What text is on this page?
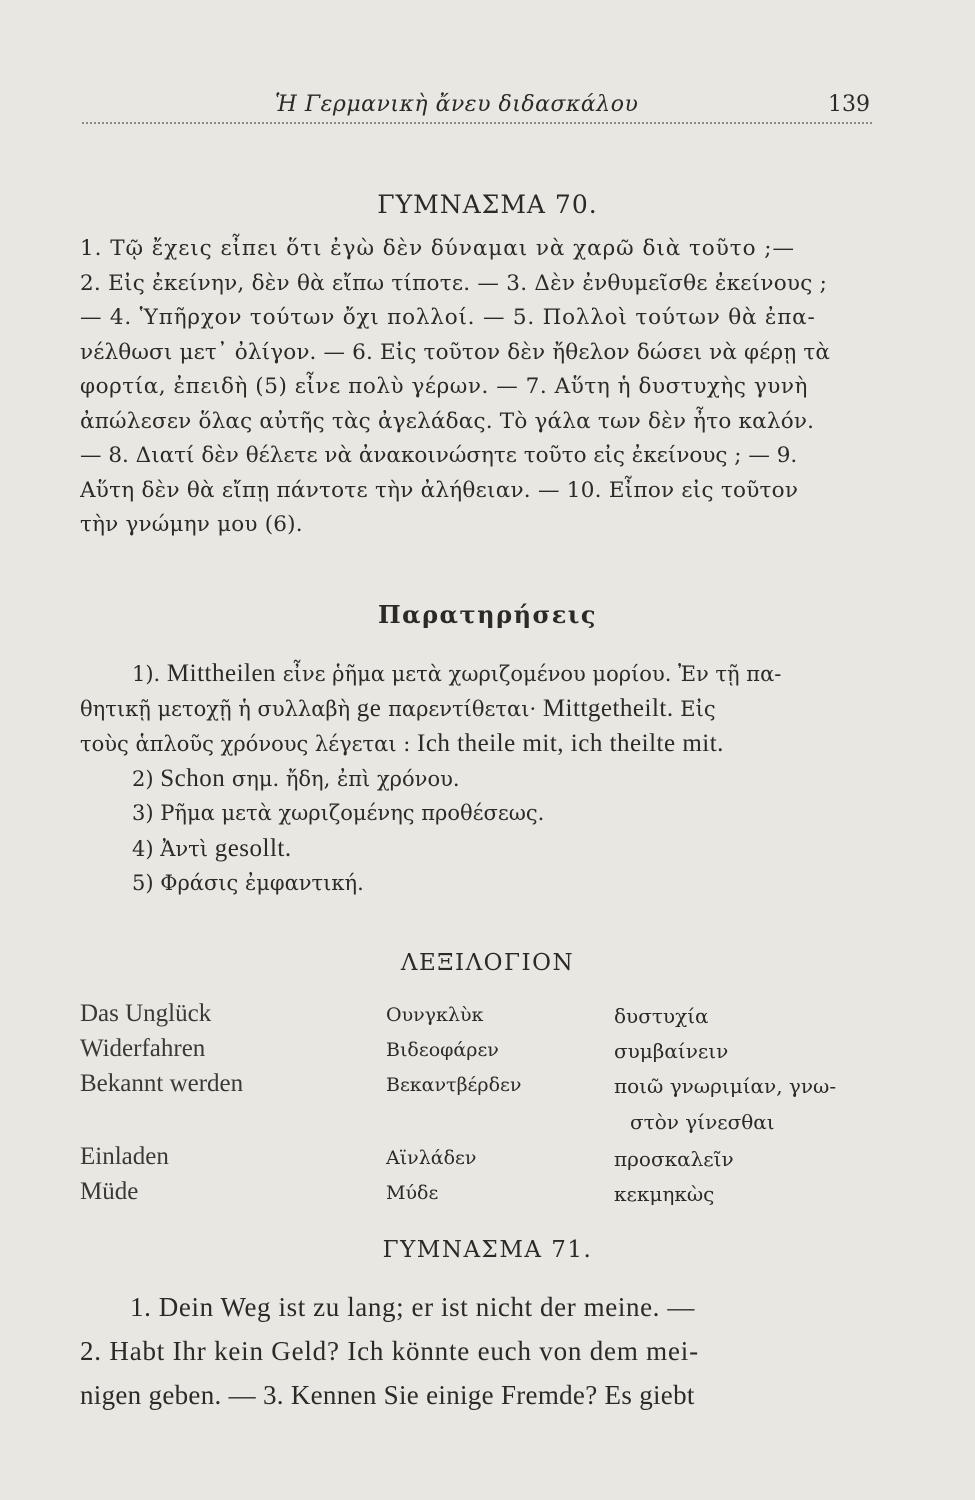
Ἡ Γερμανικὴ ἄνευ διδασκάλου	139
ΓΥΜΝΑΣΜΑ 70.
1. Τῷ ἔχεις εἶπει ὅτι ἐγὼ δὲν δύναμαι νὰ χαρῶ διὰ τοῦτο ;—
2. Εἰς ἐκείνην, δὲν θὰ εἴπω τίποτε. — 3. Δὲν ἐνθυμεῖσθε ἐκείνους ;
— 4. Ὑπῆρχον τούτων ὄχι πολλοί. — 5. Πολλοὶ τούτων θὰ ἐπα-
νέλθωσι μετ᾽ ὀλίγον. — 6. Εἰς τοῦτον δὲν ἤθελον δώσει νὰ φέρῃ τὰ
φορτία, ἐπειδὴ (5) εἶνε πολὺ γέρων. — 7. Αὕτη ἡ δυστυχὴς γυνὴ
ἀπώλεσεν ὅλας αὐτῆς τὰς ἀγελάδας. Τὸ γάλα των δὲν ἦτο καλόν.
— 8. Διατί δὲν θέλετε νὰ ἀνακοινώσητε τοῦτο εἰς ἐκείνους ; — 9.
Αὕτη δὲν θὰ εἴπῃ πάντοτε τὴν ἀλήθειαν. — 10. Εἶπον εἰς τοῦτον
τὴν γνώμην μου (6).
Παρατηρήσεις
1). Mittheilen εἶνε ῥῆμα μετὰ χωριζομένου μορίου. Ἐν τῇ πα-
θητικῇ μετοχῇ ἡ συλλαβὴ ge παρεντίθεται· Mittgetheilt. Εἰς
τοὺς ἁπλοῦς χρόνους λέγεται : Ich theile mit, ich theilte mit.
2) Schon σημ. ἤδη, ἐπὶ χρόνου.
3) Ρῆμα μετὰ χωριζομένης προθέσεως.
4) Ἀντὶ gesollt.
5) Φράσις ἐμφαντική.
ΛΕΞΙΛΟΓΙΟΝ
Das Unglück	Ουνγκλὺκ	δυστυχία
Widerfahren	Βιδεοφάρεν	συμβαίνειν
Bekannt werden	Βεκαντβέρδεν	ποιῶ γνωριμίαν, γνω-
στὸν γίνεσθαι
Einladen	Αϊνλάδεν	προσκαλεῖν
Müde	Μύδε	κεκμηκὼς
ΓΥΜΝΑΣΜΑ 71.
1. Dein Weg ist zu lang; er ist nicht der meine. —
2. Habt Ihr kein Geld? Ich könnte euch von dem mei-
nigen geben. — 3. Kennen Sie einige Fremde? Es giebt
